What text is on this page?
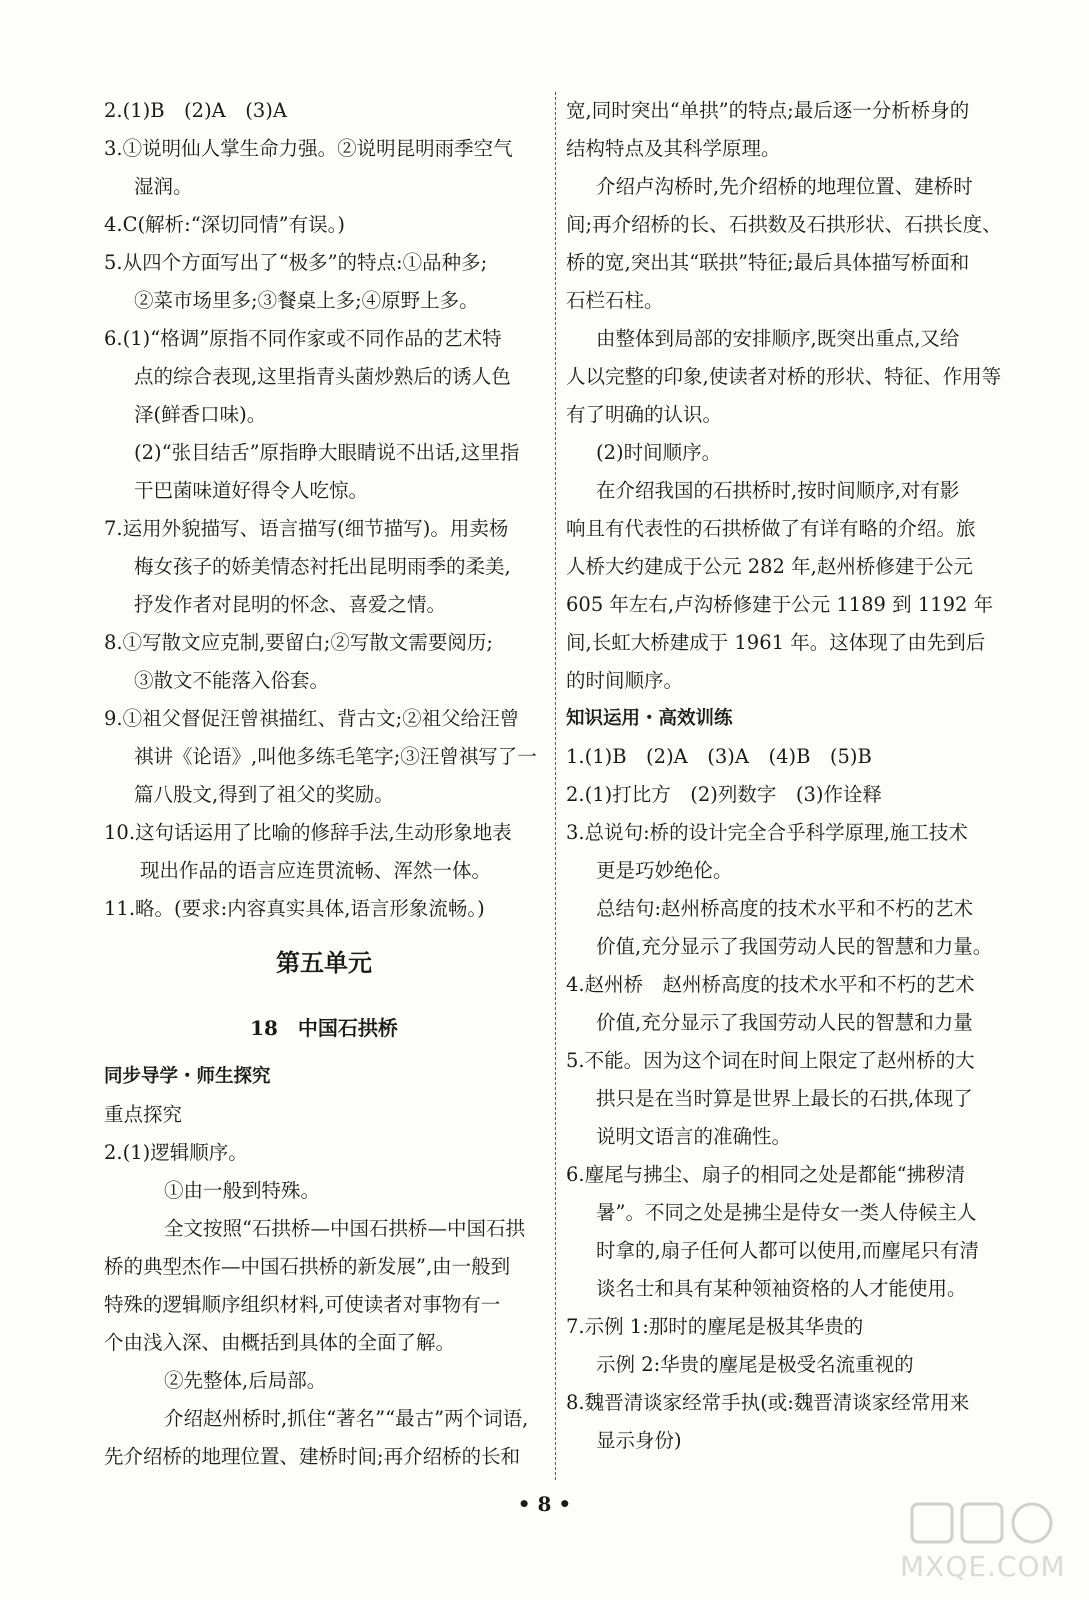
2.(1)B　(2)A　(3)A
3.①说明仙人掌生命力强。②说明昆明雨季空气
湿润。
4.C(解析:“深切同情”有误。)
5.从四个方面写出了“极多”的特点:①品种多;
②菜市场里多;③餐桌上多;④原野上多。
6.(1)“格调”原指不同作家或不同作品的艺术特
点的综合表现,这里指青头菌炒熟后的诱人色
泽(鲜香口味)。
(2)“张目结舌”原指睁大眼睛说不出话,这里指
干巴菌味道好得令人吃惊。
7.运用外貌描写、语言描写(细节描写)。用卖杨
梅女孩子的娇美情态衬托出昆明雨季的柔美,
抒发作者对昆明的怀念、喜爱之情。
8.①写散文应克制,要留白;②写散文需要阅历;
③散文不能落入俗套。
9.①祖父督促汪曾祺描红、背古文;②祖父给汪曾
祺讲《论语》,叫他多练毛笔字;③汪曾祺写了一
篇八股文,得到了祖父的奖励。
10.这句话运用了比喻的修辞手法,生动形象地表
现出作品的语言应连贯流畅、浑然一体。
11.略。(要求:内容真实具体,语言形象流畅。)
第五单元
18　中国石拱桥
同步导学・师生探究
重点探究
2.(1)逻辑顺序。
①由一般到特殊。
全文按照“石拱桥—中国石拱桥—中国石拱
桥的典型杰作—中国石拱桥的新发展”,由一般到
特殊的逻辑顺序组织材料,可使读者对事物有一
个由浅入深、由概括到具体的全面了解。
②先整体,后局部。
介绍赵州桥时,抓住“著名”“最古”两个词语,
先介绍桥的地理位置、建桥时间;再介绍桥的长和
宽,同时突出“单拱”的特点;最后逐一分析桥身的
结构特点及其科学原理。
介绍卢沟桥时,先介绍桥的地理位置、建桥时
间;再介绍桥的长、石拱数及石拱形状、石拱长度、
桥的宽,突出其“联拱”特征;最后具体描写桥面和
石栏石柱。
由整体到局部的安排顺序,既突出重点,又给
人以完整的印象,使读者对桥的形状、特征、作用等
有了明确的认识。
(2)时间顺序。
在介绍我国的石拱桥时,按时间顺序,对有影
响且有代表性的石拱桥做了有详有略的介绍。旅
人桥大约建成于公元 282 年,赵州桥修建于公元
605 年左右,卢沟桥修建于公元 1189 到 1192 年
间,长虹大桥建成于 1961 年。这体现了由先到后
的时间顺序。
知识运用・高效训练
1.(1)B　(2)A　(3)A　(4)B　(5)B
2.(1)打比方　(2)列数字　(3)作诠释
3.总说句:桥的设计完全合乎科学原理,施工技术
更是巧妙绝伦。
总结句:赵州桥高度的技术水平和不朽的艺术
价值,充分显示了我国劳动人民的智慧和力量。
4.赵州桥　赵州桥高度的技术水平和不朽的艺术
价值,充分显示了我国劳动人民的智慧和力量
5.不能。因为这个词在时间上限定了赵州桥的大
拱只是在当时算是世界上最长的石拱,体现了
说明文语言的准确性。
6.麈尾与拂尘、扇子的相同之处是都能“拂秽清
暑”。不同之处是拂尘是侍女一类人侍候主人
时拿的,扇子任何人都可以使用,而麈尾只有清
谈名士和具有某种领袖资格的人才能使用。
7.示例 1:那时的麈尾是极其华贵的
示例 2:华贵的麈尾是极受名流重视的
8.魏晋清谈家经常手执(或:魏晋清谈家经常用来
显示身份)
• 8 •
MXQE.COM
